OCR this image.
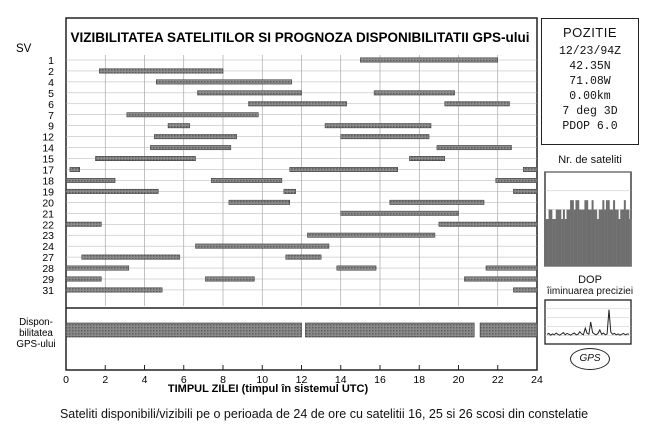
VIZIBILITATEA SATELITILOR SI PROGNOZA DISPONIBILITATII GPS-ului
SV
1
2
4
5
6
7
9
12
14
15
17
18
19
20
21
22
23
24
27
28
29
31
Dispon-
bilitatea
GPS-ului
0	2	4	6	8	10	12	14	16	18	20	22	24
TIMPUL ZILEI (timpul în sistemul UTC)
POZITIE
12/23/94Z
42.35N
71.08W
0.00km
7 deg 3D
PDOP 6.0
Nr. de sateliti
DOP
îiminuarea preciziei
GPS
Sateliti disponibili/vizibili pe o perioada de 24 de ore cu satelitii 16, 25 si 26 scosi din constelatie
